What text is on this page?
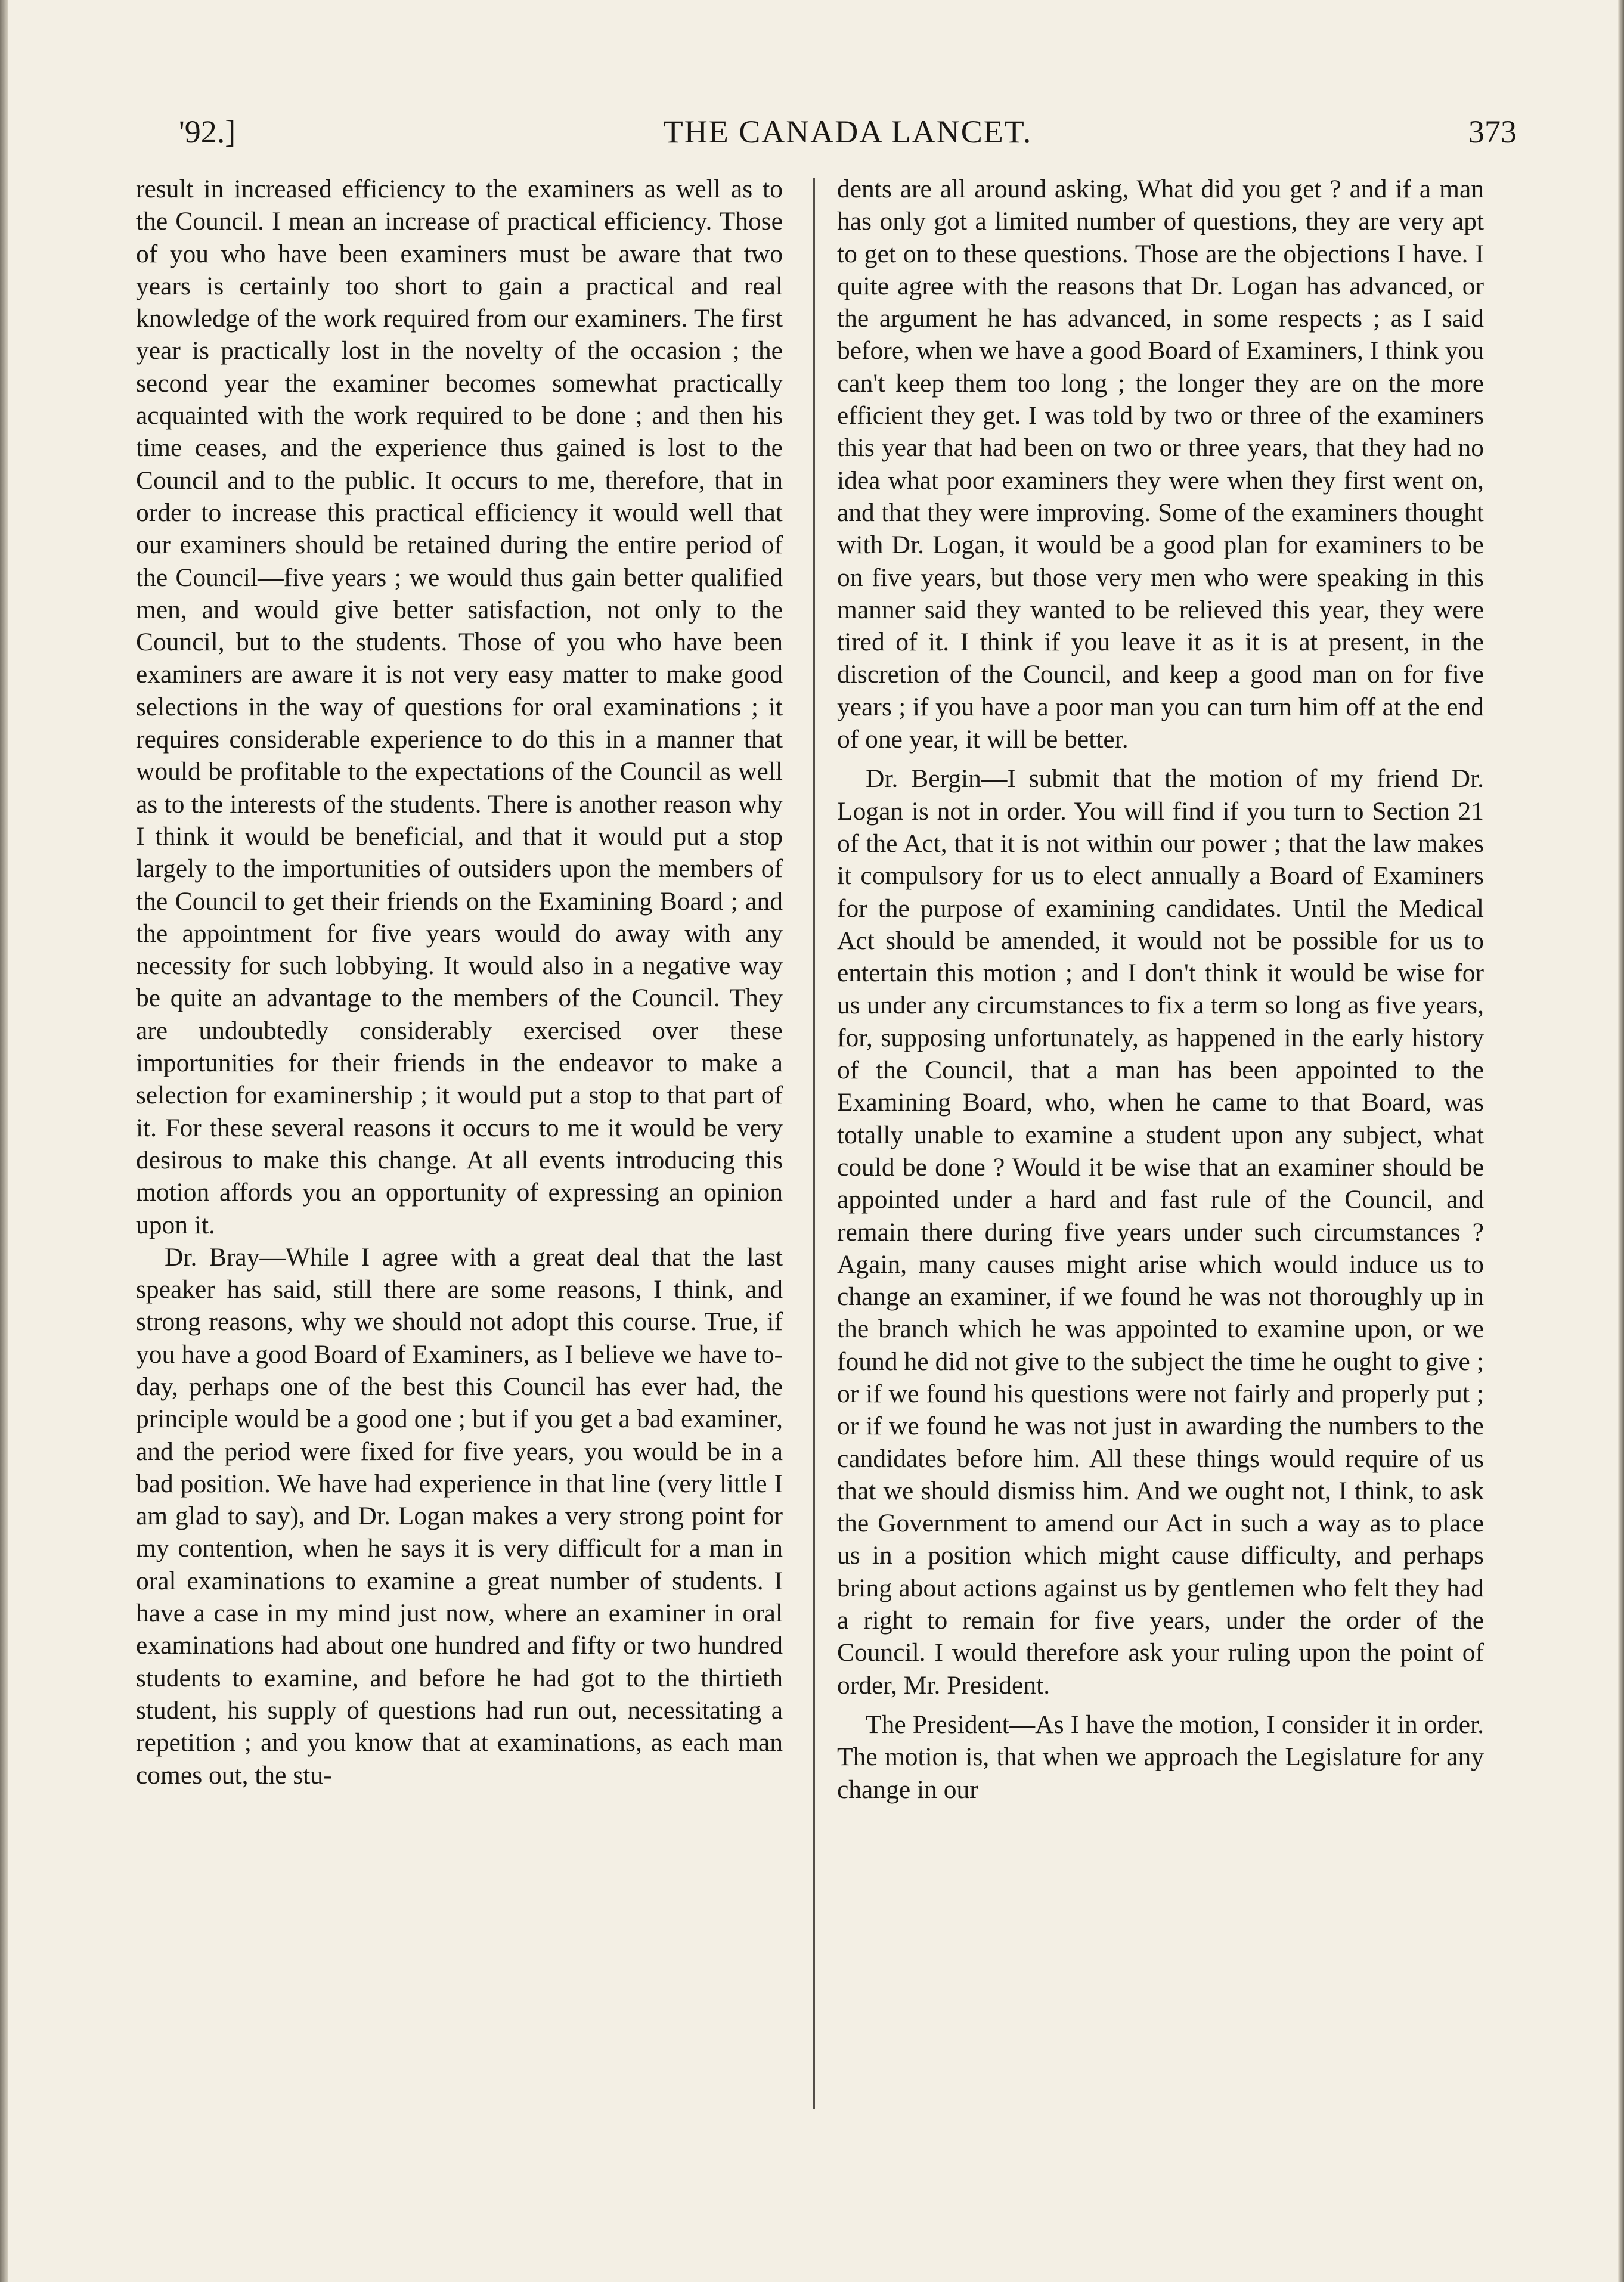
'92.]	THE CANADA LANCET.	373

result in increased efficiency to the examiners as well as to the Council. I mean an increase of practical efficiency. Those of you who have been examiners must be aware that two years is certainly too short to gain a practical and real knowledge of the work required from our examiners. The first year is practically lost in the novelty of the occasion ; the second year the examiner becomes somewhat practically acquainted with the work required to be done ; and then his time ceases, and the experience thus gained is lost to the Council and to the public. It occurs to me, therefore, that in order to increase this practical efficiency it would well that our examiners should be retained during the entire period of the Council—five years ; we would thus gain better qualified men, and would give better satisfaction, not only to the Council, but to the students. Those of you who have been examiners are aware it is not very easy matter to make good selections in the way of questions for oral examinations ; it requires considerable experience to do this in a manner that would be profitable to the expectations of the Council as well as to the interests of the students. There is another reason why I think it would be beneficial, and that it would put a stop largely to the importunities of outsiders upon the members of the Council to get their friends on the Examining Board ; and the appointment for five years would do away with any necessity for such lobbying. It would also in a negative way be quite an advantage to the members of the Council. They are undoubtedly considerably exercised over these importunities for their friends in the endeavor to make a selection for examinership ; it would put a stop to that part of it. For these several reasons it occurs to me it would be very desirous to make this change. At all events introducing this motion affords you an opportunity of expressing an opinion upon it.

Dr. Bray—While I agree with a great deal that the last speaker has said, still there are some reasons, I think, and strong reasons, why we should not adopt this course. True, if you have a good Board of Examiners, as I believe we have to-day, perhaps one of the best this Council has ever had, the principle would be a good one ; but if you get a bad examiner, and the period were fixed for five years, you would be in a bad position. We have had experience in that line (very little I am glad to say), and Dr. Logan makes a very strong point for my contention, when he says it is very difficult for a man in oral examinations to examine a great number of students. I have a case in my mind just now, where an examiner in oral examinations had about one hundred and fifty or two hundred students to examine, and before he had got to the thirtieth student, his supply of questions had run out, necessitating a repetition ; and you know that at examinations, as each man comes out, the stu-

dents are all around asking, What did you get ? and if a man has only got a limited number of questions, they are very apt to get on to these questions. Those are the objections I have. I quite agree with the reasons that Dr. Logan has advanced, or the argument he has advanced, in some respects ; as I said before, when we have a good Board of Examiners, I think you can't keep them too long ; the longer they are on the more efficient they get. I was told by two or three of the examiners this year that had been on two or three years, that they had no idea what poor examiners they were when they first went on, and that they were improving. Some of the examiners thought with Dr. Logan, it would be a good plan for examiners to be on five years, but those very men who were speaking in this manner said they wanted to be relieved this year, they were tired of it. I think if you leave it as it is at present, in the discretion of the Council, and keep a good man on for five years ; if you have a poor man you can turn him off at the end of one year, it will be better.

Dr. Bergin—I submit that the motion of my friend Dr. Logan is not in order. You will find if you turn to Section 21 of the Act, that it is not within our power ; that the law makes it compulsory for us to elect annually a Board of Examiners for the purpose of examining candidates. Until the Medical Act should be amended, it would not be possible for us to entertain this motion ; and I don't think it would be wise for us under any circumstances to fix a term so long as five years, for, supposing unfortunately, as happened in the early history of the Council, that a man has been appointed to the Examining Board, who, when he came to that Board, was totally unable to examine a student upon any subject, what could be done ? Would it be wise that an examiner should be appointed under a hard and fast rule of the Council, and remain there during five years under such circumstances ? Again, many causes might arise which would induce us to change an examiner, if we found he was not thoroughly up in the branch which he was appointed to examine upon, or we found he did not give to the subject the time he ought to give ; or if we found his questions were not fairly and properly put ; or if we found he was not just in awarding the numbers to the candidates before him. All these things would require of us that we should dismiss him. And we ought not, I think, to ask the Government to amend our Act in such a way as to place us in a position which might cause difficulty, and perhaps bring about actions against us by gentlemen who felt they had a right to remain for five years, under the order of the Council. I would therefore ask your ruling upon the point of order, Mr. President.

The President—As I have the motion, I consider it in order. The motion is, that when we approach the Legislature for any change in our
